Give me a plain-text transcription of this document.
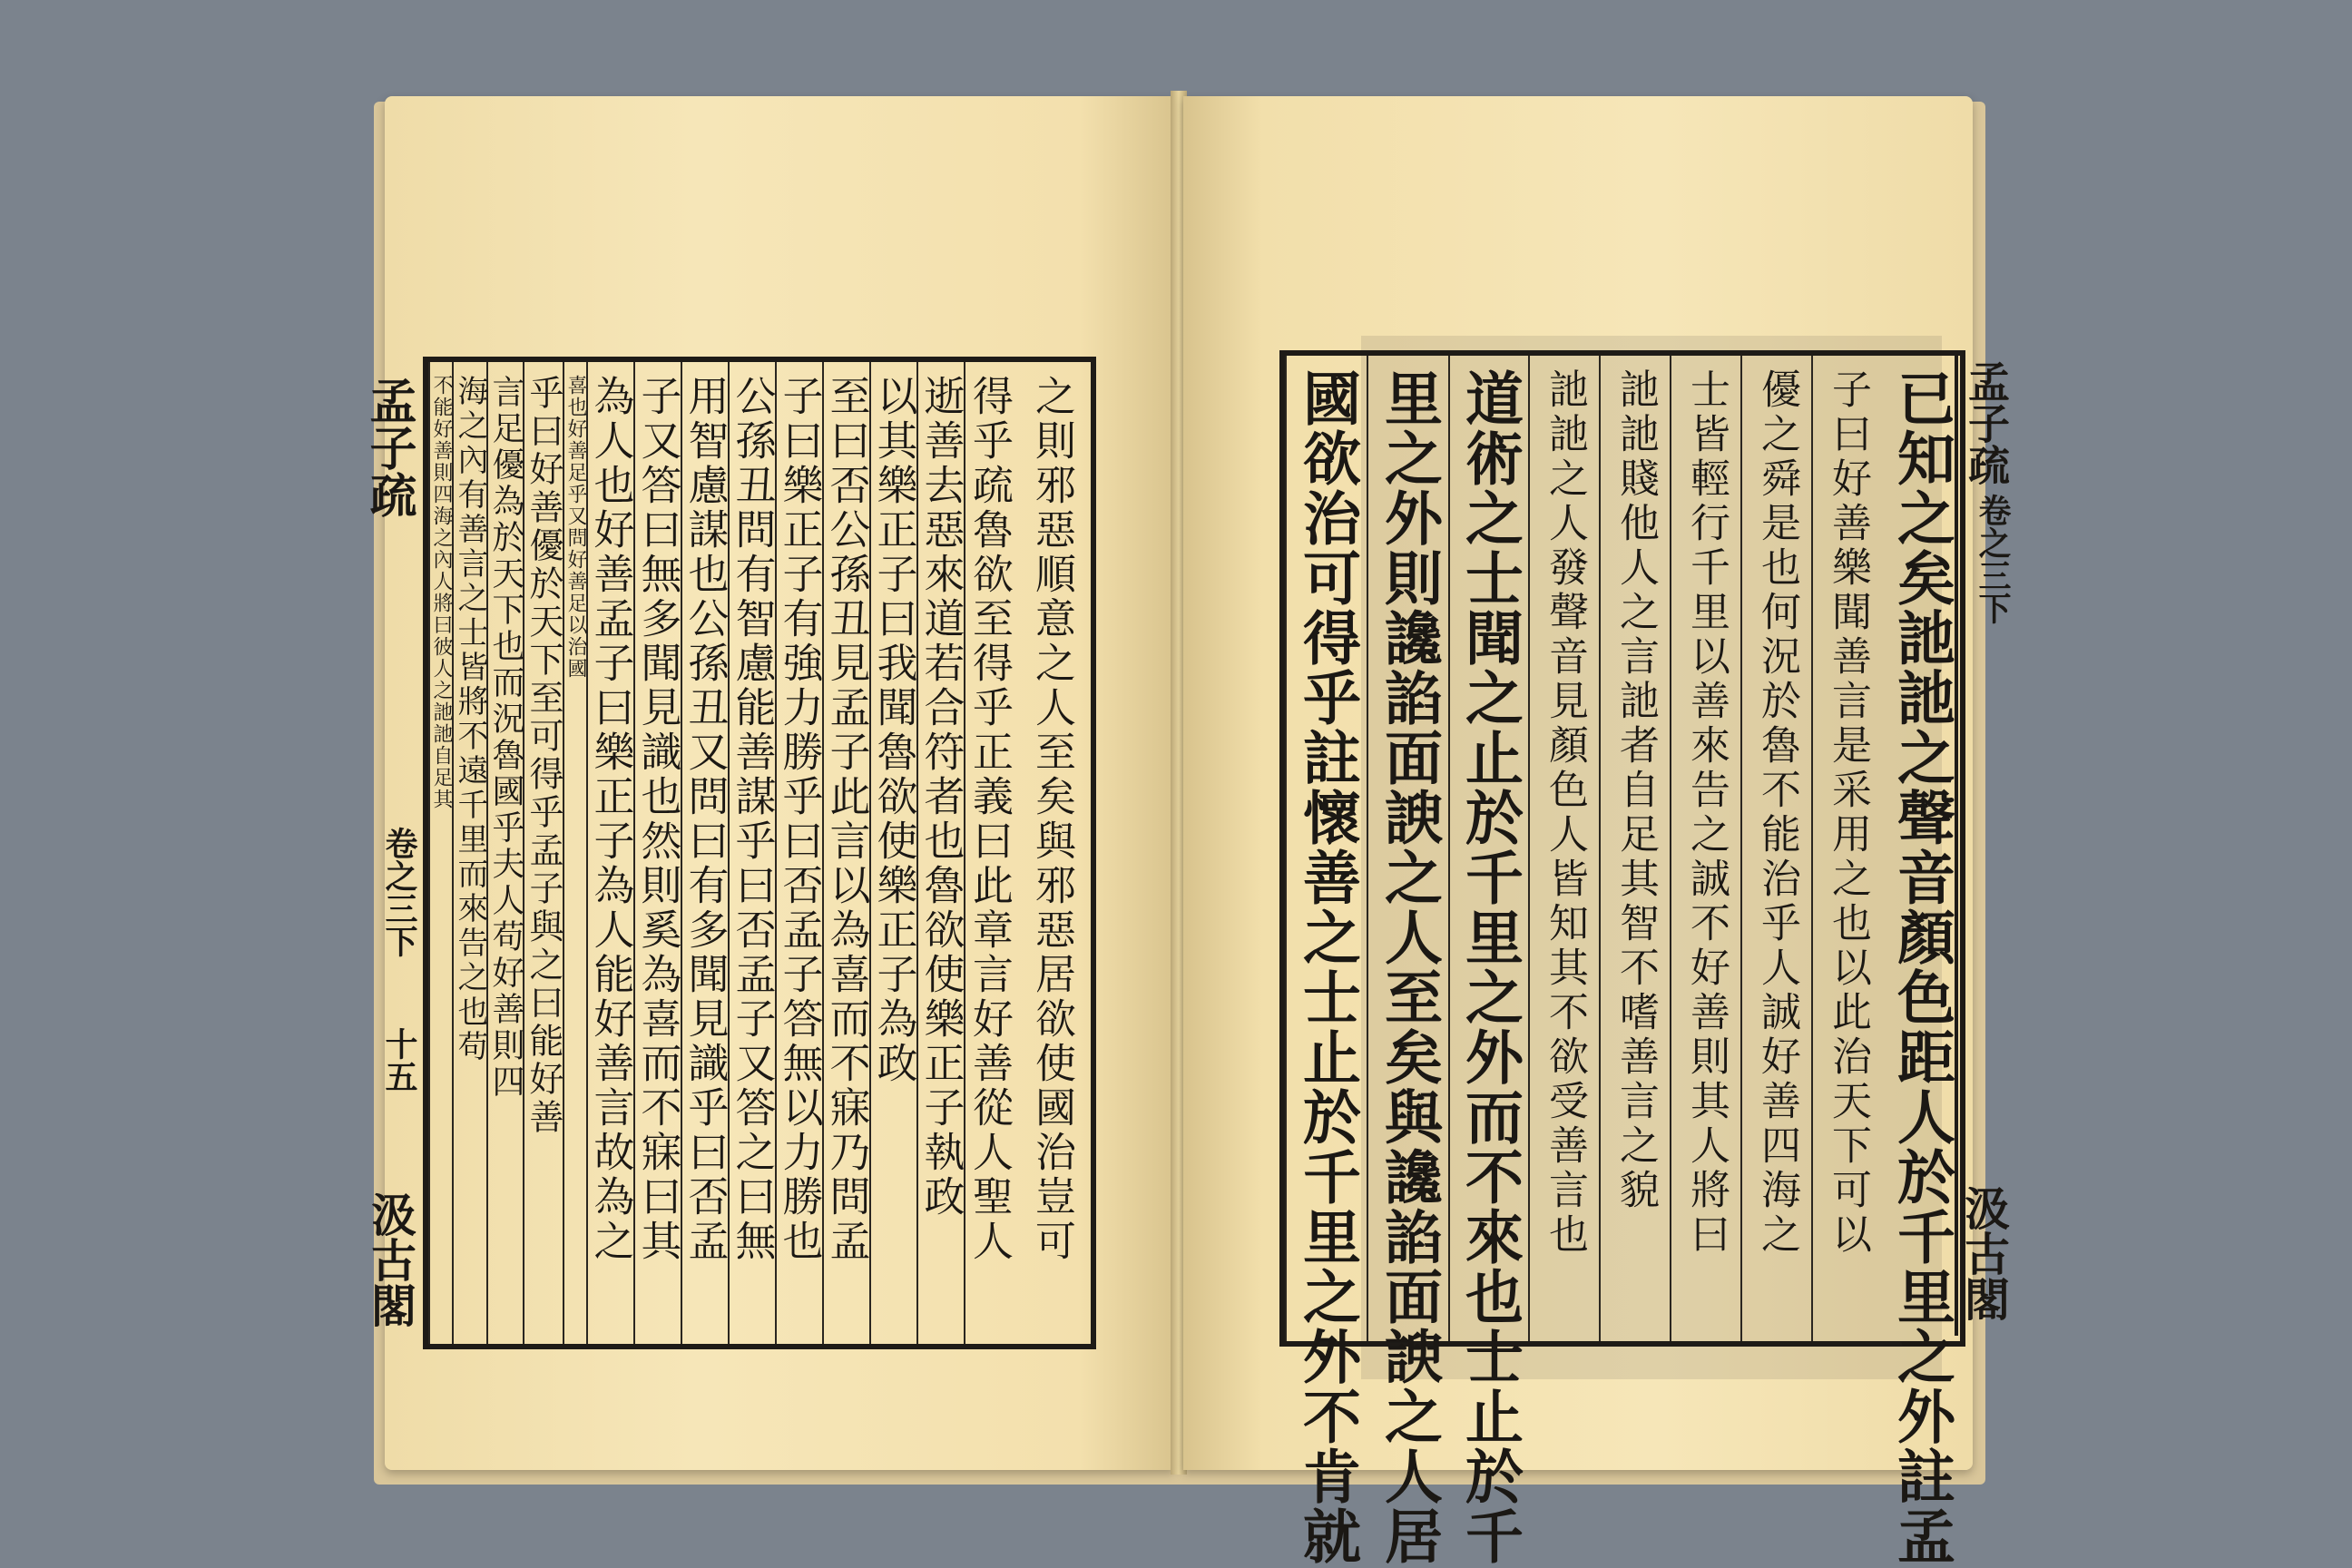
孟子疏
卷之三下
十五
汲古閣	之則邪惡順意之人至矣與邪惡居欲使國治豈可
得乎疏魯欲至得乎正義曰此章言好善從人聖人
逝善去惡來道若合符者也魯欲使樂正子執政
以其樂正子曰我聞魯欲使樂正子為政
至曰否公孫丑見孟子此言以為喜而不寐乃問孟
子曰樂正子有強力勝乎曰否孟子答無以力勝也
公孫丑問有智慮能善謀乎曰否孟子又答之曰無
用智慮謀也公孫丑又問曰有多聞見識乎曰否孟
子又答曰無多聞見識也然則奚為喜而不寐曰其
為人也好善孟子曰樂正子為人能好善言故為之
喜也好善足乎又問好善足以治國
乎曰好善優於天下至可得乎孟子與之曰能好善
言足優為於天下也而況魯國乎夫人苟好善則四
海之內有善言之士皆將不遠千里而來告之也苟
不能好善則四海之內人將曰彼人之訑訑自足其	孟子疏
卷之三下
汲古閣
已知之矣訑訑之聲音顏色距人於千里之外註孟
子曰好善樂聞善言是采用之也以此治天下可以
優之舜是也何況於魯不能治乎人誠好善四海之
士皆輕行千里以善來告之誠不好善則其人將曰
訑訑賤他人之言訑者自足其智不嗜善言之貌
訑訑之人發聲音見顏色人皆知其不欲受善言也
道術之士聞之止於千里之外而不來也士止於千
里之外則讒諂面諛之人至矣與讒諂面諛之人居
國欲治可得乎註懷善之士止於千里之外不肯就
